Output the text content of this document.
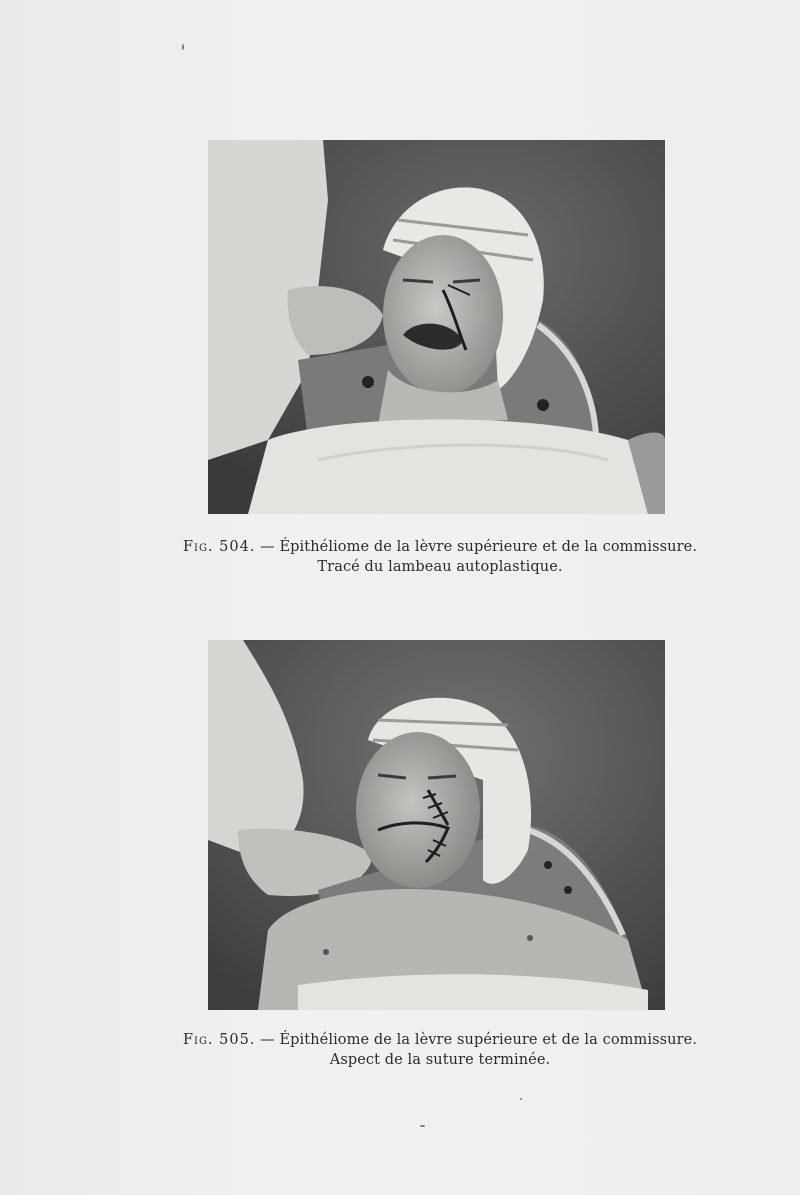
Fig. 504. — Épithéliome de la lèvre supérieure et de la commissure.
Tracé du lambeau autoplastique.
Fig. 505. — Épithéliome de la lèvre supérieure et de la commissure.
Aspect de la suture terminée.
